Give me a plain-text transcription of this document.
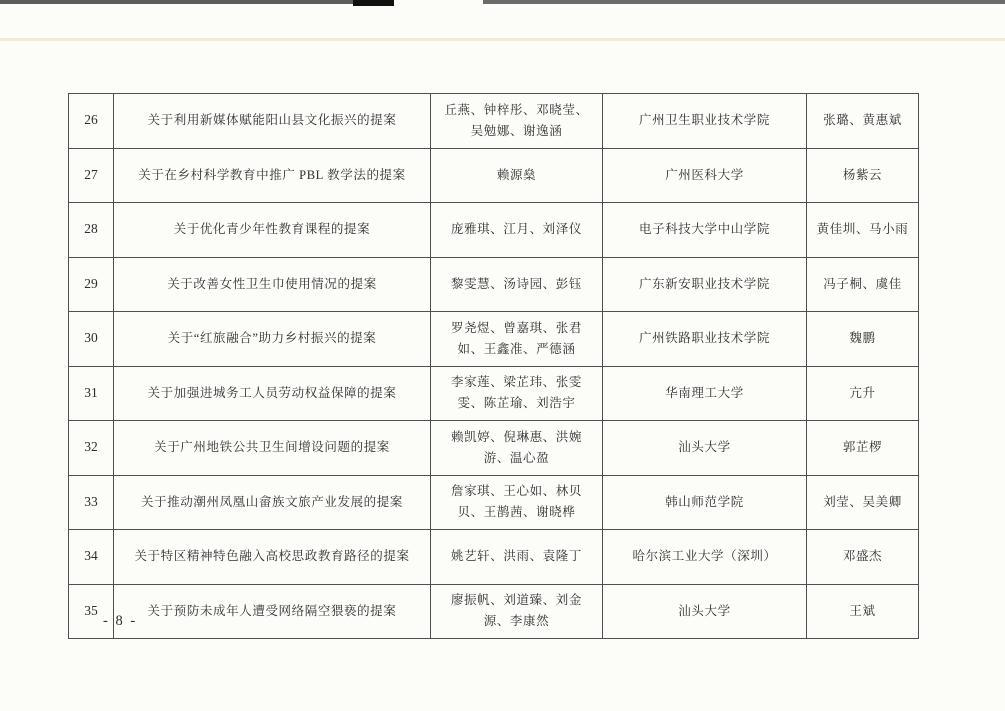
26	关于利用新媒体赋能阳山县文化振兴的提案	丘燕、钟梓彤、邓晓莹、吴勉娜、谢逸涵	广州卫生职业技术学院	张璐、黄惠斌
27	关于在乡村科学教育中推广 PBL 教学法的提案	赖源燊	广州医科大学	杨紫云
28	关于优化青少年性教育课程的提案	庞雅琪、江月、刘泽仪	电子科技大学中山学院	黄佳圳、马小雨
29	关于改善女性卫生巾使用情况的提案	黎雯慧、汤诗园、彭钰	广东新安职业技术学院	冯子桐、虞佳
30	关于“红旅融合”助力乡村振兴的提案	罗尧煜、曾嘉琪、张君如、王鑫准、严德涵	广州铁路职业技术学院	魏鹏
31	关于加强进城务工人员劳动权益保障的提案	李家莲、梁芷玮、张雯雯、陈芷瑜、刘浩宇	华南理工大学	亢升
32	关于广州地铁公共卫生间增设问题的提案	赖凯婷、倪琳惠、洪婉游、温心盈	汕头大学	郭芷椤
33	关于推动潮州凤凰山畲族文旅产业发展的提案	詹家琪、王心如、林贝贝、王鹊茜、谢晓桦	韩山师范学院	刘莹、吴美卿
34	关于特区精神特色融入高校思政教育路径的提案	姚艺轩、洪雨、袁隆丁	哈尔滨工业大学（深圳）	邓盛杰
35	关于预防未成年人遭受网络隔空猥亵的提案	廖振帆、刘道臻、刘金源、李康然	汕头大学	王斌
- 8 -
